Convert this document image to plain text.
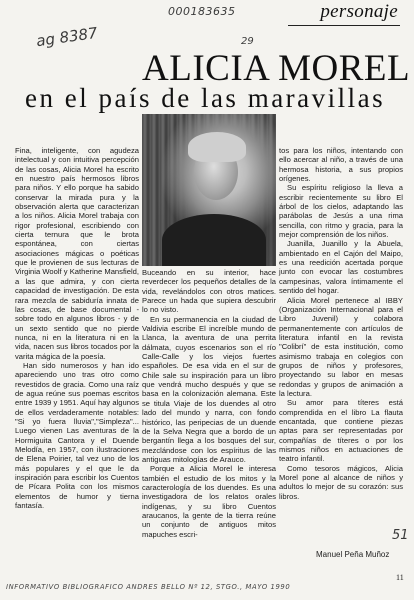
000183635
ag 8387	29
personaje
ALICIA MOREL
en el país de las maravillas

Fina, inteligente, con agudeza intelectual y con intuitiva percepción de las cosas, Alicia Morel ha escrito en nuestro país hermosos libros para niños. Y ello porque ha sabido conservar la mirada pura y la observación alerta que caracterizan a los niños. Alicia Morel trabaja con rigor profesional, escribiendo con cierta ternura que le brota espontánea, con ciertas asociaciones mágicas o poéticas que le provienen de sus lecturas de Virginia Woolf y Katherine Mansfield, a las que admira, y con cierta capacidad de investigación. De esta rara mezcla de sabiduría innata de las cosas, de base documental - sobre todo en algunos libros - y de un sexto sentido que no pierde nunca, ni en la literatura ni en la vida, nacen sus libros tocados por la varita mágica de la poesía.

Han sido numerosos y han ido apareciendo uno tras otro como revestidos de gracia. Como una raíz de agua reúne sus poemas escritos entre 1939 y 1951. Aquí hay algunos de ellos verdaderamente notables: "Si yo fuera lluvia","Simpleza"... Luego vienen Las aventuras de la Hormiguita Cantora y el Duende Melodía, en 1957, con ilustraciones de Elena Poirier, tal vez uno de los más populares y el que le da inspiración para escribir los Cuentos de Pícara Polita con los mismos elementos de humor y tierna fantasía.

Buceando en su interior, hace reverdecer los pequeños detalles de la vida, revelándolos con otros matices. Parece un hada que supiera descubrir lo no visto.

En su permanencia en la ciudad de Valdivia escribe El increíble mundo de Llanca, la aventura de una perrita dálmata, cuyos escenarios son el río Calle-Calle y los viejos fuertes españoles. De esa vida en el sur de Chile sale su inspiración para un libro que vendrá mucho después y que se basa en la colonización alemana. Este se titula Viaje de los duendes al otro lado del mundo y narra, con fondo histórico, las peripecias de un duende de la Selva Negra que a bordo de un bergantín llega a los bosques del sur, mezclándose con los espíritus de las antiguas mitologías de Arauco.

Porque a Alicia Morel le interesa también el estudio de los mitos y la caracterología de los duendes. Es una investigadora de los relatos orales indígenas, y su libro Cuentos araucanos, la gente de la tierra reúne un conjunto de antiguos mitos mapuches escri-

tos para los niños, intentando con ello acercar al niño, a través de una hermosa historia, a sus propios orígenes.

Su espíritu religioso la lleva a escribir recientemente su libro El árbol de los cielos, adaptando las parábolas de Jesús a una rima sencilla, con ritmo y gracia, para la mejor comprensión de los niños.

Juanilla, Juanillo y la Abuela, ambientado en el Cajón del Maipo, es una reedición acertada porque junto con evocar las costumbres campesinas, valora íntimamente el sentido del hogar.

Alicia Morel pertenece al IBBY (Organización Internacional para el Libro Juvenil) y colabora permanentemente con artículos de literatura infantil en la revista "Colibrí" de esta institución, como asimismo trabaja en colegios con grupos de niños y profesores, proyectando su labor en mesas redondas y grupos de animación a la lectura.

Su amor para títeres está comprendida en el libro La flauta encantada, que contiene piezas aptas para ser representadas por compañías de títeres o por los mismos niños en actuaciones de teatro infantil.

Como tesoros mágicos, Alicia Morel pone al alcance de niños y adultos lo mejor de su corazón: sus libros.

Manuel Peña Muñoz
51
11
INFORMATIVO BIBLIOGRAFICO ANDRES BELLO Nº 12, STGO., MAYO 1990
